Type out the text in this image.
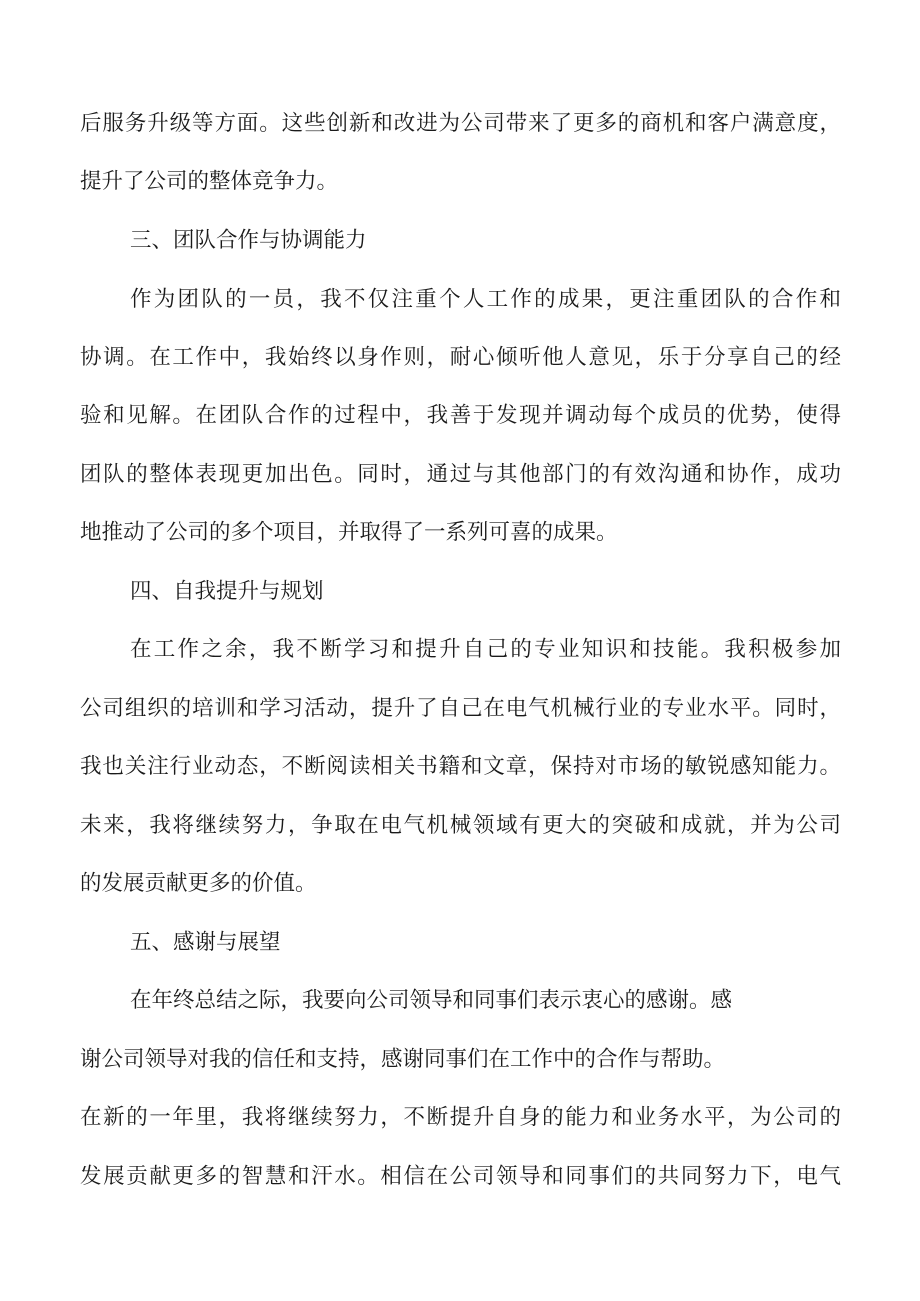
后服务升级等方面。这些创新和改进为公司带来了更多的商机和客户满意度，
提升了公司的整体竞争力。
三、团队合作与协调能力
作为团队的一员，我不仅注重个人工作的成果，更注重团队的合作和
协调。在工作中，我始终以身作则，耐心倾听他人意见，乐于分享自己的经
验和见解。在团队合作的过程中，我善于发现并调动每个成员的优势，使得
团队的整体表现更加出色。同时，通过与其他部门的有效沟通和协作，成功
地推动了公司的多个项目，并取得了一系列可喜的成果。
四、自我提升与规划
在工作之余，我不断学习和提升自己的专业知识和技能。我积极参加
公司组织的培训和学习活动，提升了自己在电气机械行业的专业水平。同时，
我也关注行业动态，不断阅读相关书籍和文章，保持对市场的敏锐感知能力。
未来，我将继续努力，争取在电气机械领域有更大的突破和成就，并为公司
的发展贡献更多的价值。
五、感谢与展望
在年终总结之际，我要向公司领导和同事们表示衷心的感谢。感
谢公司领导对我的信任和支持，感谢同事们在工作中的合作与帮助。
在新的一年里，我将继续努力，不断提升自身的能力和业务水平，为公司的
发展贡献更多的智慧和汗水。相信在公司领导和同事们的共同努力下，电气
